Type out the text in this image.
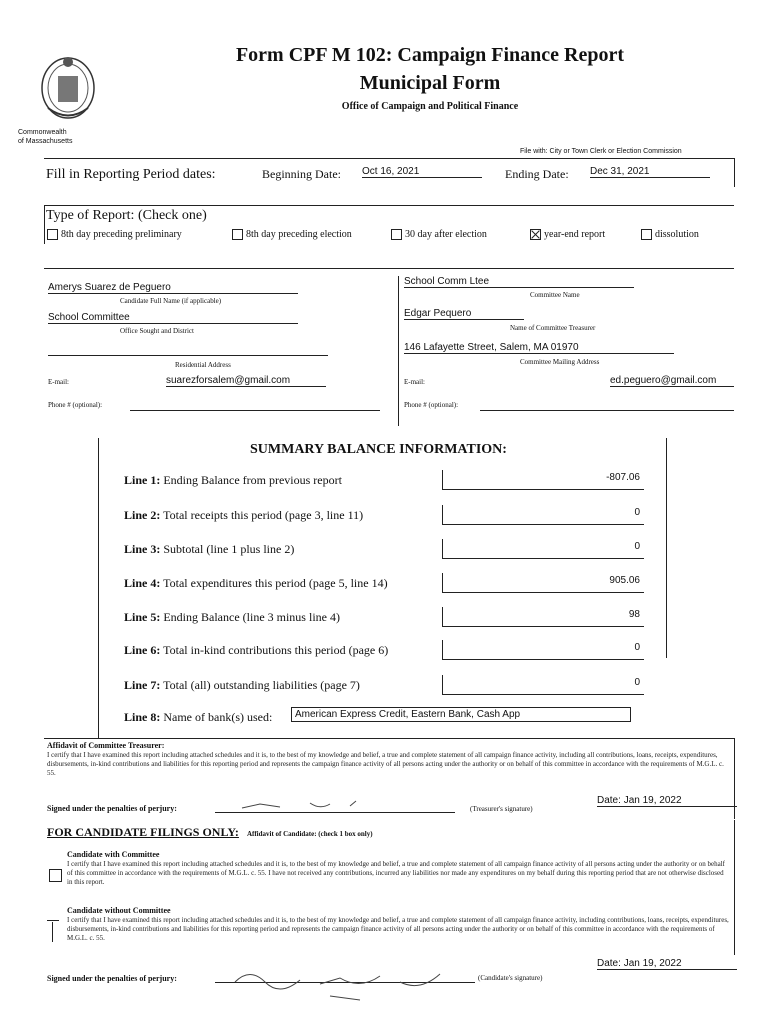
Commonwealth
of Massachusetts
Form CPF M 102: Campaign Finance Report
Municipal Form
Office of Campaign and Political Finance
File with: City or Town Clerk or Election Commission
Fill in Reporting Period dates:	Beginning Date: Oct 16, 2021	Ending Date: Dec 31, 2021
Type of Report: (Check one)
8th day preceding preliminary	8th day preceding election	30 day after election	year-end report	dissolution
Amerys Suarez de Peguero
Candidate Full Name (if applicable)
School Committee
Office Sought and District
Residential Address
E-mail:	suarezforsalem@gmail.com
Phone # (optional):
School Comm Ltee
Committee Name
Edgar Pequero
Name of Committee Treasurer
146 Lafayette Street, Salem, MA 01970
Committee Mailing Address
E-mail:	ed.peguero@gmail.com
Phone # (optional):
SUMMARY BALANCE INFORMATION:
Line 1: Ending Balance from previous report	-807.06
Line 2: Total receipts this period (page 3, line 11)	0
Line 3: Subtotal (line 1 plus line 2)	0
Line 4: Total expenditures this period (page 5, line 14)	905.06
Line 5: Ending Balance (line 3 minus line 4)	98
Line 6: Total in-kind contributions this period (page 6)	0
Line 7: Total (all) outstanding liabilities (page 7)	0
Line 8: Name of bank(s) used:	American Express Credit, Eastern Bank, Cash App
Affidavit of Committee Treasurer:
I certify that I have examined this report including attached schedules and it is, to the best of my knowledge and belief, a true and complete statement of all campaign finance activity, including all contributions, loans, receipts, expenditures, disbursements, in-kind contributions and liabilities for this reporting period and represents the campaign finance activity of all persons acting under the authority or on behalf of this committee in accordance with the requirements of M.G.L. c. 55.
Signed under the penalties of perjury:	(Treasurer's signature)
Date: Jan 19, 2022
FOR CANDIDATE FILINGS ONLY: Affidavit of Candidate: (check 1 box only)
Candidate with Committee
I certify that I have examined this report including attached schedules and it is, to the best of my knowledge and belief, a true and complete statement of all campaign finance activity of all persons acting under the authority or on behalf of this committee in accordance with the requirements of M.G.L. c. 55. I have not received any contributions, incurred any liabilities nor made any expenditures on my behalf during this reporting period that are not otherwise disclosed in this report.
Candidate without Committee
I certify that I have examined this report including attached schedules and it is, to the best of my knowledge and belief, a true and complete statement of all campaign finance activity, including contributions, loans, receipts, expenditures, disbursements, in-kind contributions and liabilities for this reporting period and represents the campaign finance activity of all persons acting under the authority or on behalf of this committee in accordance with the requirements of M.G.L. c. 55.
Signed under the penalties of perjury:	(Candidate's signature)
Date: Jan 19, 2022
